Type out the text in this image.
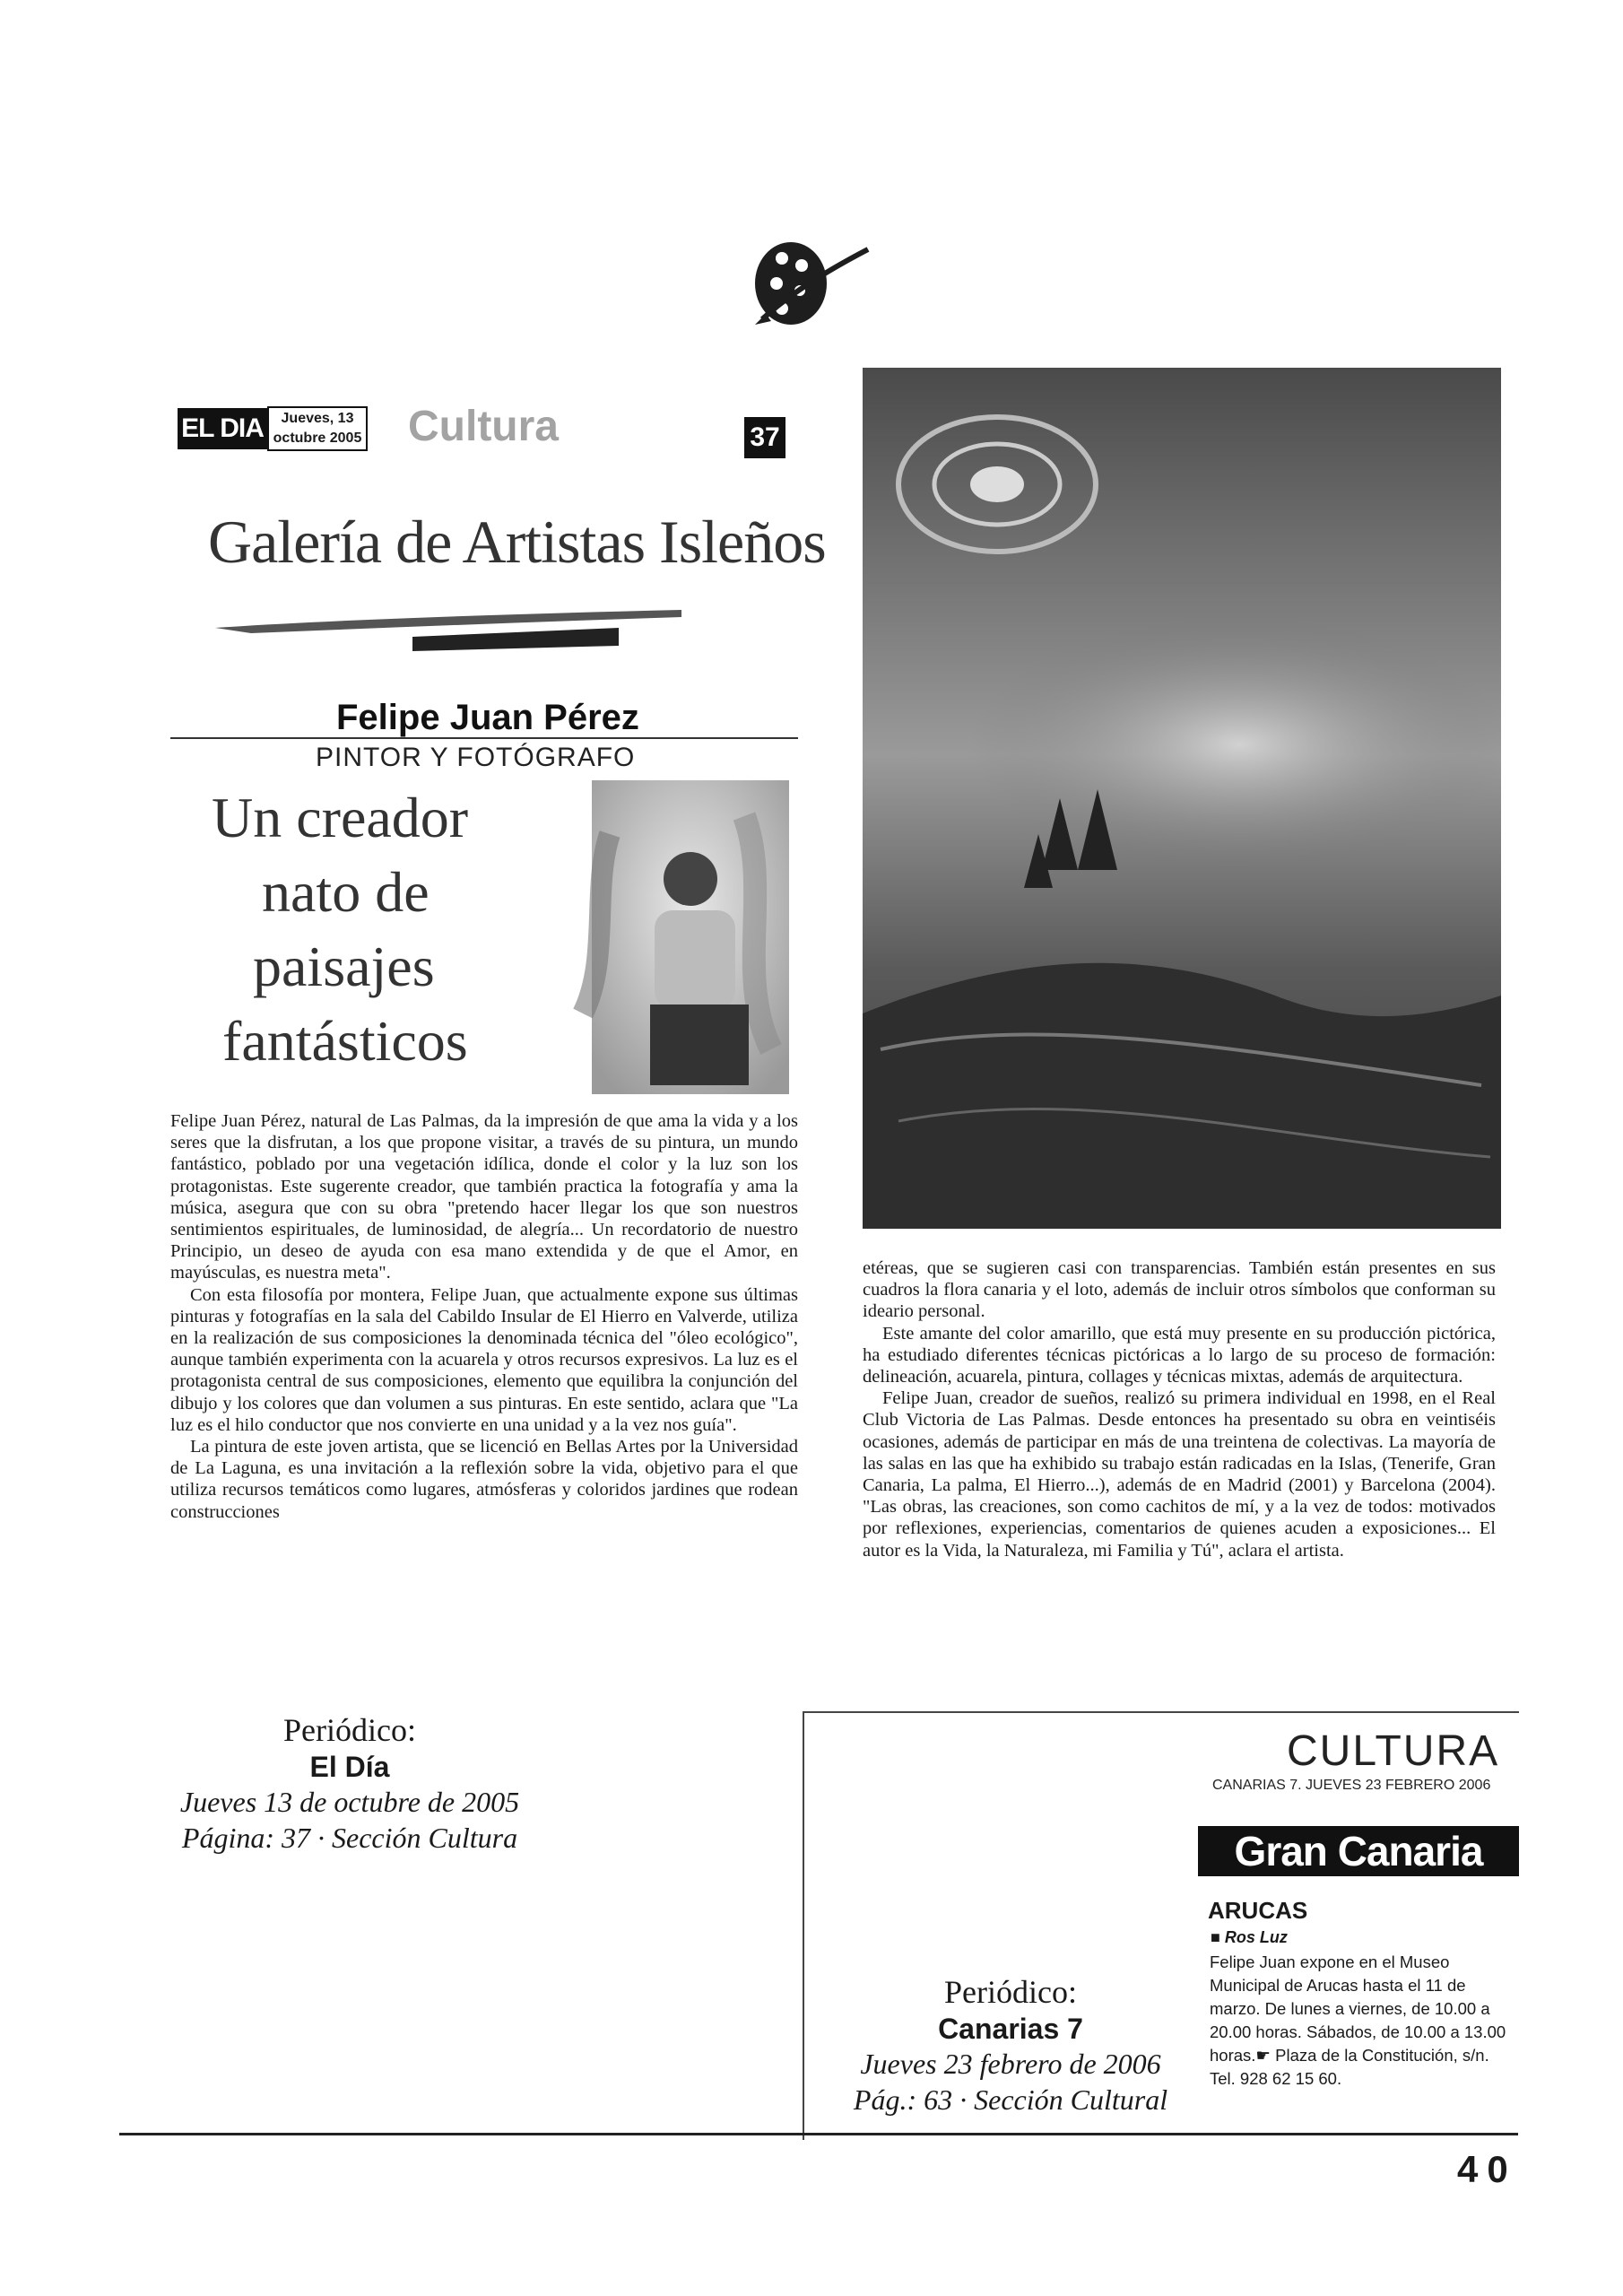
EL DIA	Jueves, 13
octubre 2005 Cultura	37
Galería de Artistas Isleños
Felipe Juan Pérez
PINTOR Y FOTÓGRAFO
Un creador
nato de
paisajes
fantásticos

Felipe Juan Pérez, natural de Las Palmas, da la impresión de que ama la vida y a los seres que la disfrutan, a los que propone visitar, a través de su pintura, un mundo fantástico, poblado por una vegetación idílica, donde el color y la luz son los protagonistas. Este sugerente creador, que también practica la fotografía y ama la música, asegura que con su obra "pretendo hacer llegar los que son nuestros sentimientos espirituales, de luminosidad, de alegría... Un recordatorio de nuestro Principio, un deseo de ayuda con esa mano extendida y de que el Amor, en mayúsculas, es nuestra meta".

Con esta filosofía por montera, Felipe Juan, que actualmente expone sus últimas pinturas y fotografías en la sala del Cabildo Insular de El Hierro en Valverde, utiliza en la realización de sus composiciones la denominada técnica del "óleo ecológico", aunque también experimenta con la acuarela y otros recursos expresivos. La luz es el protagonista central de sus composiciones, elemento que equilibra la conjunción del dibujo y los colores que dan volumen a sus pinturas. En este sentido, aclara que "La luz es el hilo conductor que nos convierte en una unidad y a la vez nos guía".

La pintura de este joven artista, que se licenció en Bellas Artes por la Universidad de La Laguna, es una invitación a la reflexión sobre la vida, objetivo para el que utiliza recursos temáticos como lugares, atmósferas y coloridos jardines que rodean construcciones

etéreas, que se sugieren casi con transparencias. También están presentes en sus cuadros la flora canaria y el loto, además de incluir otros símbolos que conforman su ideario personal.

Este amante del color amarillo, que está muy presente en su producción pictórica, ha estudiado diferentes técnicas pictóricas a lo largo de su proceso de formación: delineación, acuarela, pintura, collages y técnicas mixtas, además de arquitectura.

Felipe Juan, creador de sueños, realizó su primera individual en 1998, en el Real Club Victoria de Las Palmas. Desde entonces ha presentado su obra en veintiséis ocasiones, además de participar en más de una treintena de colectivas. La mayoría de las salas en las que ha exhibido su trabajo están radicadas en la Islas, (Tenerife, Gran Canaria, La palma, El Hierro...), además de en Madrid (2001) y Barcelona (2004). "Las obras, las creaciones, son como cachitos de mí, y a la vez de todos: motivados por reflexiones, experiencias, comentarios de quienes acuden a exposiciones... El autor es la Vida, la Naturaleza, mi Familia y Tú", aclara el artista.

Periódico:
El Día
Jueves 13 de octubre de 2005
Página: 37 · Sección Cultura
CULTURA
CANARIAS 7. JUEVES 23 FEBRERO 2006
Gran Canaria
ARUCAS
■ Ros Luz
Felipe Juan expone en el Museo Municipal de Arucas hasta el 11 de marzo. De lunes a viernes, de 10.00 a 20.00 horas. Sábados, de 10.00 a 13.00 horas.☛ Plaza de la Constitución, s/n. Tel. 928 62 15 60.
Periódico:
Canarias 7
Jueves 23 febrero de 2006
Pág.: 63 · Sección Cultural
40
